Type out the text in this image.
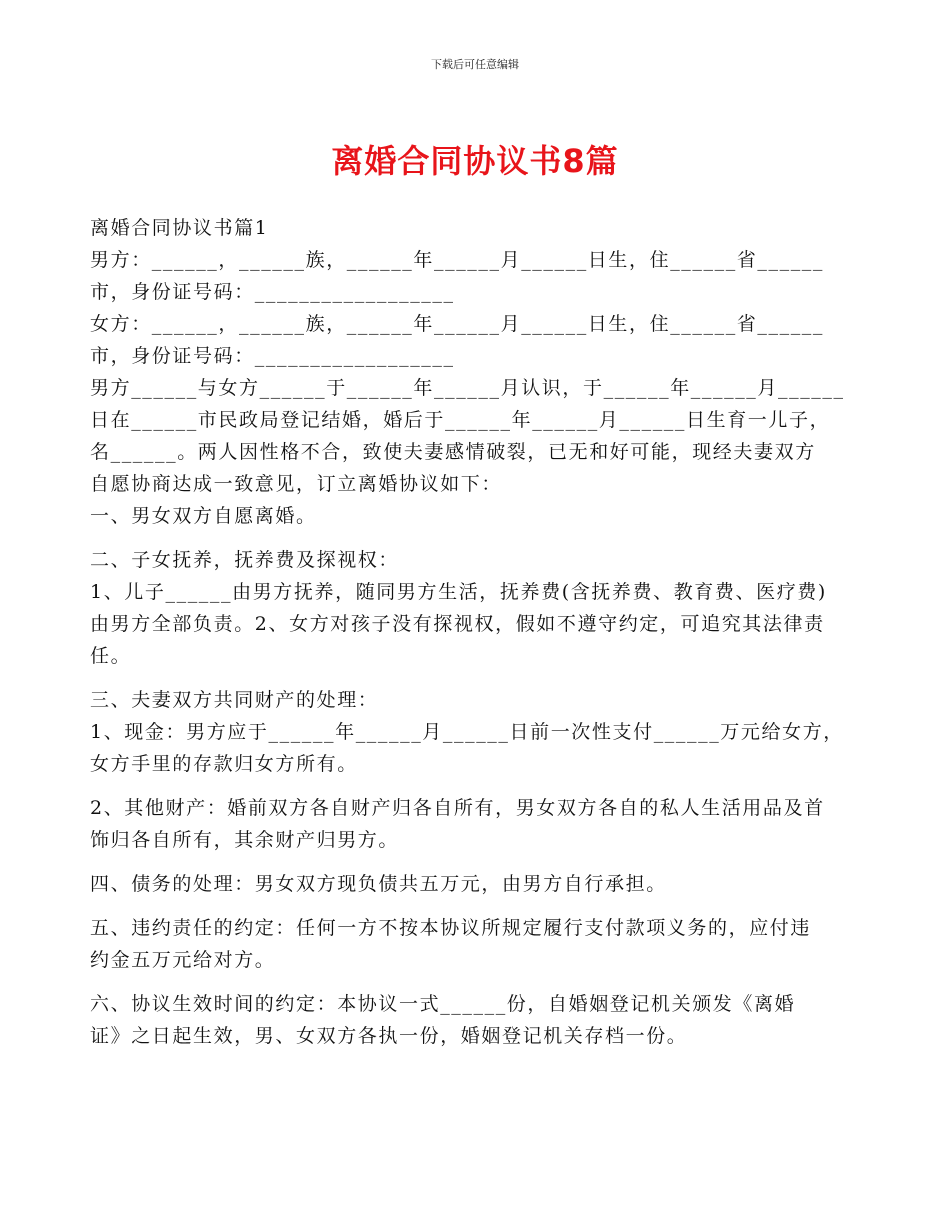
下载后可任意编辑
离婚合同协议书8篇
离婚合同协议书篇1
男方：______，______族，______年______月______日生，住______省______
市，身份证号码：__________________
女方：______，______族，______年______月______日生，住______省______
市，身份证号码：__________________
男方______与女方______于______年______月认识，于______年______月______
日在______市民政局登记结婚，婚后于______年______月______日生育一儿子，
名______。两人因性格不合，致使夫妻感情破裂，已无和好可能，现经夫妻双方
自愿协商达成一致意见，订立离婚协议如下：
一、男女双方自愿离婚。
二、子女抚养，抚养费及探视权：
1、儿子______由男方抚养，随同男方生活，抚养费(含抚养费、教育费、医疗费)
由男方全部负责。2、女方对孩子没有探视权，假如不遵守约定，可追究其法律责
任。
三、夫妻双方共同财产的处理：
1、现金：男方应于______年______月______日前一次性支付______万元给女方，
女方手里的存款归女方所有。
2、其他财产：婚前双方各自财产归各自所有，男女双方各自的私人生活用品及首
饰归各自所有，其余财产归男方。
四、债务的处理：男女双方现负债共五万元，由男方自行承担。
五、违约责任的约定：任何一方不按本协议所规定履行支付款项义务的，应付违
约金五万元给对方。
六、协议生效时间的约定：本协议一式______份，自婚姻登记机关颁发《离婚
证》之日起生效，男、女双方各执一份，婚姻登记机关存档一份。
